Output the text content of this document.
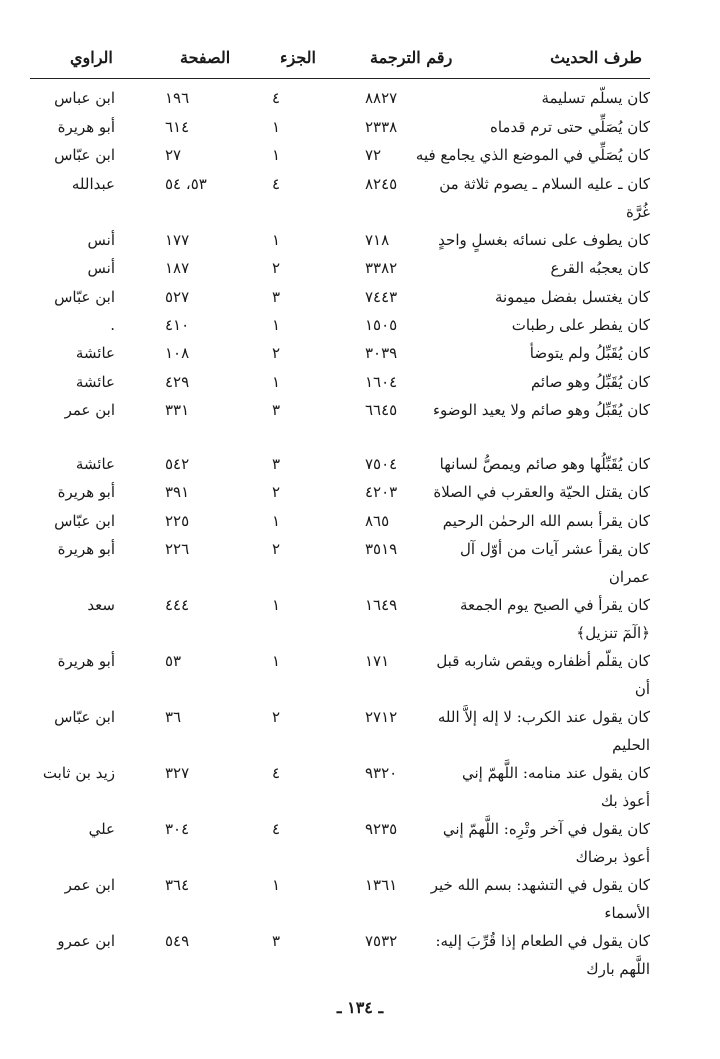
طرف الحديث
رقم الترجمة
الجزء
الصفحة
الراوي
كان يسلّم تسليمة
٨٨٢٧
٤
١٩٦
ابن عباس
كان يُصَلِّي حتى ترم قدماه
٢٣٣٨
١
٦١٤
أبو هريرة
كان يُصَلِّي في الموضع الذي يجامع فيه
٧٢
١
٢٧
ابن عبّاس
كان ـ عليه السلام ـ يصوم ثلاثة من غُرَّة
٨٢٤٥
٤
٥٣، ٥٤
عبدالله
كان يطوف على نسائه بغسلٍ واحدٍ
٧١٨
١
١٧٧
أنس
كان يعجبُه القرع
٣٣٨٢
٢
١٨٧
أنس
كان يغتسل بفضل ميمونة
٧٤٤٣
٣
٥٢٧
ابن عبّاس
كان يفطر على رطبات
١٥٠٥
١
٤١٠
.
كان يُقَبِّلُ ولم يتوضأ
٣٠٣٩
٢
١٠٨
عائشة
كان يُقَبِّلُ وهو صائم
١٦٠٤
١
٤٢٩
عائشة
كان يُقَبِّلُ وهو صائم ولا يعيد الوضوء
٦٦٤٥
٣
٣٣١
ابن عمر
كان يُقَبِّلُها وهو صائم ويمصُّ لسانها
٧٥٠٤
٣
٥٤٢
عائشة
كان يقتل الحيّة والعقرب في الصلاة
٤٢٠٣
٢
٣٩١
أبو هريرة
كان يقرأ بسم الله الرحمٰن الرحيم
٨٦٥
١
٢٢٥
ابن عبّاس
كان يقرأ عشر آيات من أوّل آل عمران
٣٥١٩
٢
٢٢٦
أبو هريرة
كان يقرأ في الصبح يوم الجمعة ﴿الٓمٓ تنزيل﴾
١٦٤٩
١
٤٤٤
سعد
كان يقلّم أظفاره ويقص شاربه قبل أن
١٧١
١
٥٣
أبو هريرة
كان يقول عند الكرب: لا إله إلاَّ الله الحليم
٢٧١٢
٢
٣٦
ابن عبّاس
كان يقول عند منامه: اللَّهمّ إني أعوذ بك
٩٣٢٠
٤
٣٢٧
زيد بن ثابت
كان يقول في آخر وتْرِه: اللَّهمّ إني أعوذ برضاك
٩٢٣٥
٤
٣٠٤
علي
كان يقول في التشهد: بسم الله خير الأسماء
١٣٦١
١
٣٦٤
ابن عمر
كان يقول في الطعام إذا قُرِّبَ إليه: اللَّهم بارك
٧٥٣٢
٣
٥٤٩
ابن عمرو
ـ ١٣٤ ـ
